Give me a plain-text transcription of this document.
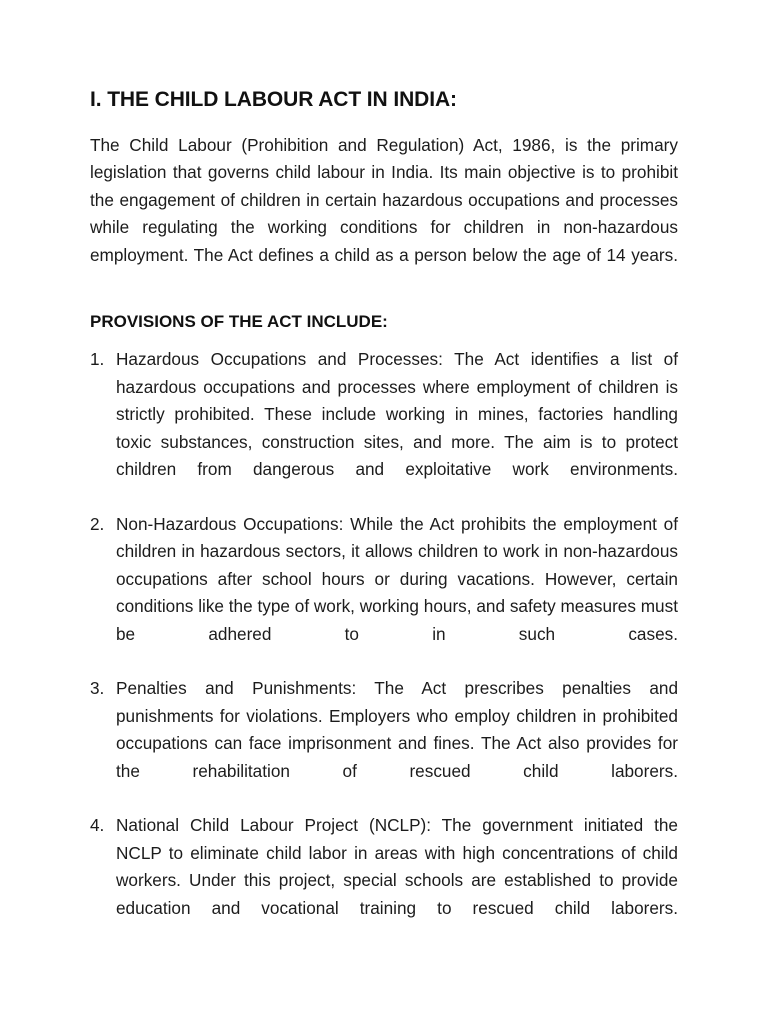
I. THE CHILD LABOUR ACT IN INDIA:

The Child Labour (Prohibition and Regulation) Act, 1986, is the primary legislation that governs child labour in India. Its main objective is to prohibit the engagement of children in certain hazardous occupations and processes while regulating the working conditions for children in non-hazardous employment. The Act defines a child as a person below the age of 14 years.

PROVISIONS OF THE ACT INCLUDE:
1. Hazardous Occupations and Processes: The Act identifies a list of hazardous occupations and processes where employment of children is strictly prohibited. These include working in mines, factories handling toxic substances, construction sites, and more. The aim is to protect children from dangerous and exploitative work environments.
2. Non-Hazardous Occupations: While the Act prohibits the employment of children in hazardous sectors, it allows children to work in non-hazardous occupations after school hours or during vacations. However, certain conditions like the type of work, working hours, and safety measures must be adhered to in such cases.
3. Penalties and Punishments: The Act prescribes penalties and punishments for violations. Employers who employ children in prohibited occupations can face imprisonment and fines. The Act also provides for the rehabilitation of rescued child laborers.
4. National Child Labour Project (NCLP): The government initiated the NCLP to eliminate child labor in areas with high concentrations of child workers. Under this project, special schools are established to provide education and vocational training to rescued child laborers.
